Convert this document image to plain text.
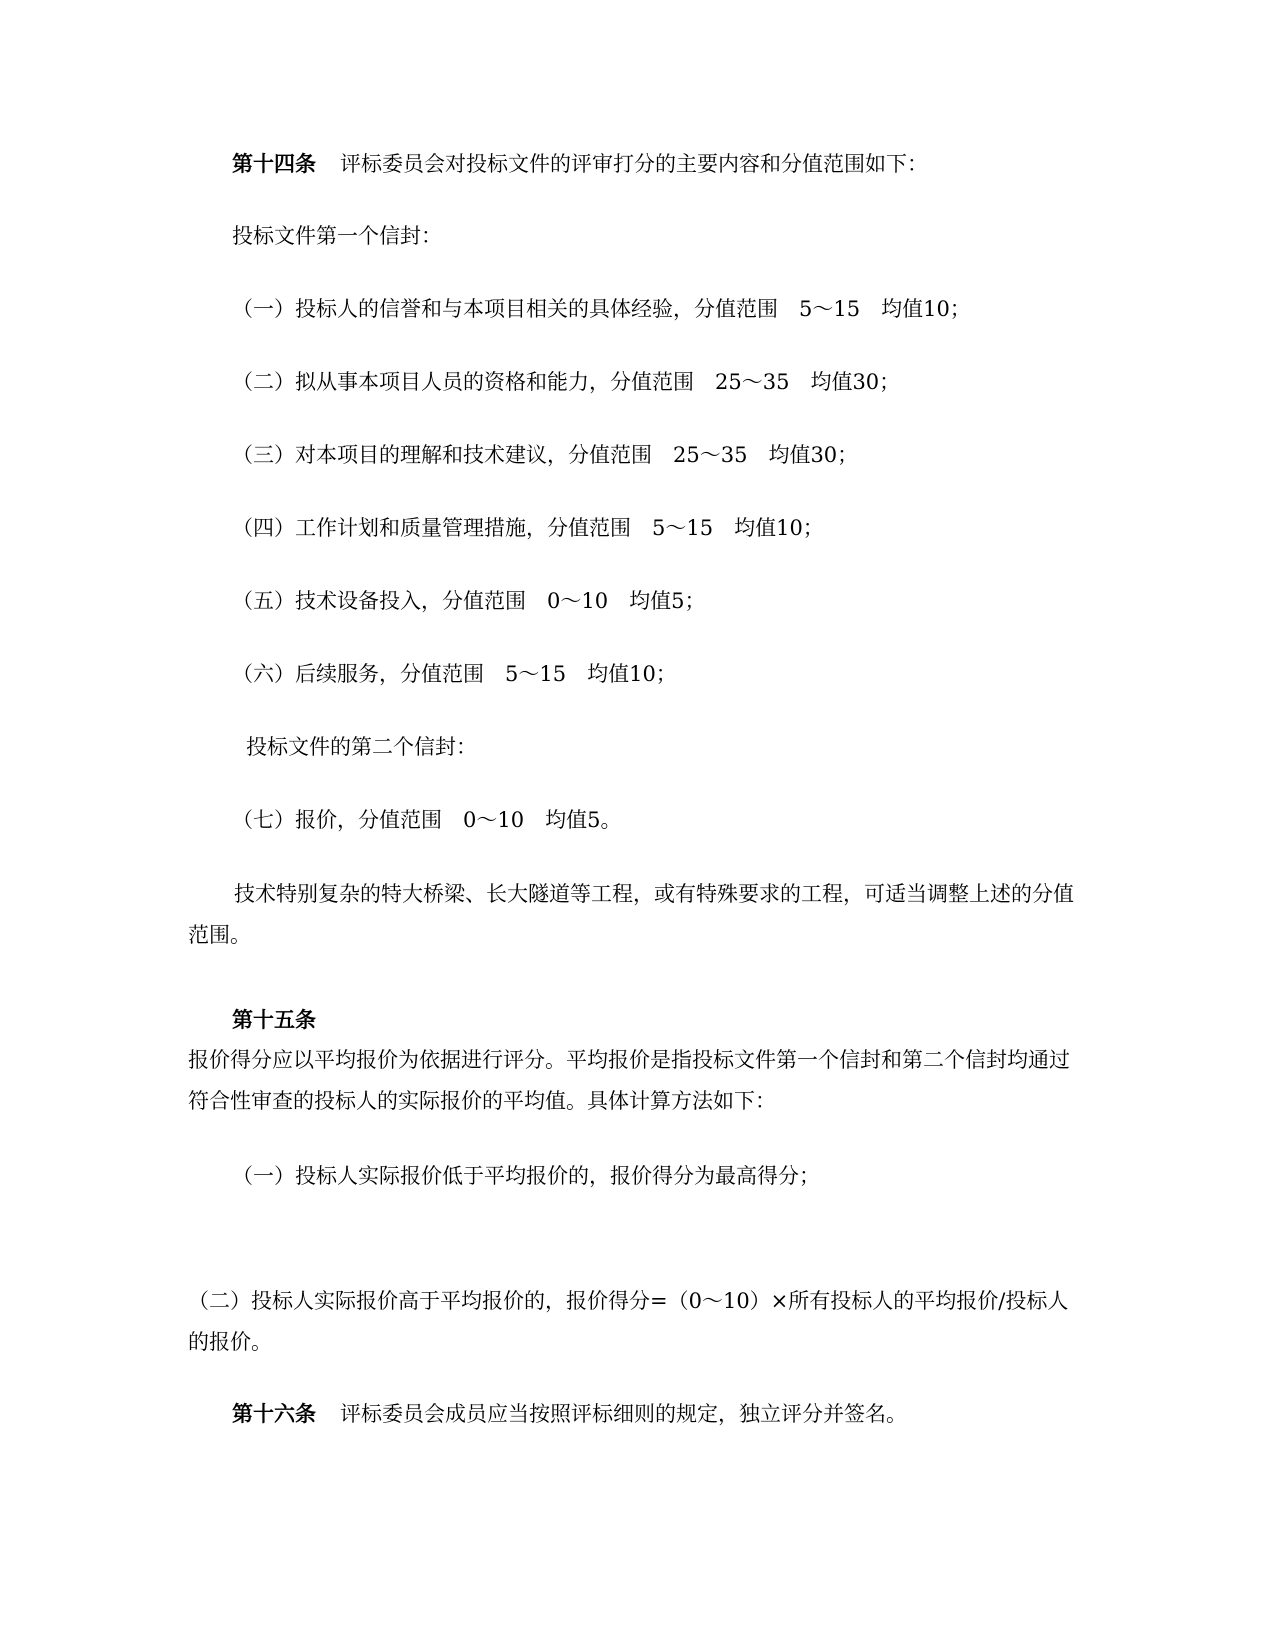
第十四条 评标委员会对投标文件的评审打分的主要内容和分值范围如下：
投标文件第一个信封：
（一）投标人的信誉和与本项目相关的具体经验，分值范围　5～15　均值10；
（二）拟从事本项目人员的资格和能力，分值范围　25～35　均值30；
（三）对本项目的理解和技术建议，分值范围　25～35　均值30；
（四）工作计划和质量管理措施，分值范围　5～15　均值10；
（五）技术设备投入，分值范围　0～10　均值5；
（六）后续服务，分值范围　5～15　均值10；
投标文件的第二个信封：
（七）报价，分值范围　0～10　均值5。
技术特别复杂的特大桥梁、长大隧道等工程，或有特殊要求的工程，可适当调整上述的分值范围。
第十五条
报价得分应以平均报价为依据进行评分。平均报价是指投标文件第一个信封和第二个信封均通过符合性审查的投标人的实际报价的平均值。具体计算方法如下：
（一）投标人实际报价低于平均报价的，报价得分为最高得分；
（二）投标人实际报价高于平均报价的，报价得分=（0～10）×所有投标人的平均报价/投标人的报价。
第十六条 评标委员会成员应当按照评标细则的规定，独立评分并签名。
